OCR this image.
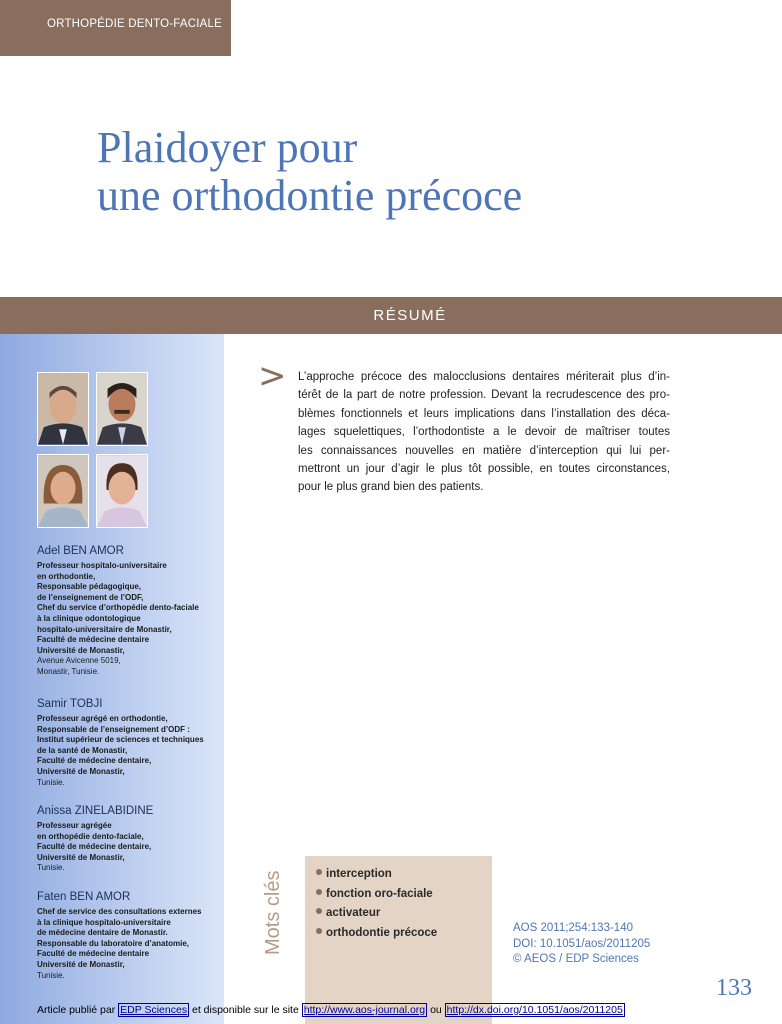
ORTHOPÉDIE DENTO-FACIALE
Plaidoyer pour
une orthodontie précoce
RÉSUMÉ
Adel BEN AMOR
Professeur hospitalo-universitaire
en orthodontie,
Responsable pédagogique,
de l’enseignement de l’ODF,
Chef du service d’orthopédie dento-faciale
à la clinique odontologique
hospitalo-universitaire de Monastir,
Faculté de médecine dentaire
Université de Monastir,
Avenue Avicenne 5019,
Monastir, Tunisie.
Samir TOBJI
Professeur agrégé en orthodontie,
Responsable de l’enseignement d’ODF :
Institut supérieur de sciences et techniques
de la santé de Monastir,
Faculté de médecine dentaire,
Université de Monastir,
Tunisie.
Anissa ZINELABIDINE
Professeur agrégée
en orthopédie dento-faciale,
Faculté de médecine dentaire,
Université de Monastir,
Tunisie.
Faten BEN AMOR
Chef de service des consultations externes
à la clinique hospitalo-universitaire
de médecine dentaire de Monastir.
Responsable du laboratoire d’anatomie,
Faculté de médecine dentaire
Université de Monastir,
Tunisie.
> L’approche précoce des malocclusions dentaires mériterait plus d’in-
térêt de la part de notre profession. Devant la recrudescence des pro-
blèmes fonctionnels et leurs implications dans l’installation des déca-
lages squelettiques, l’orthodontiste a le devoir de maîtriser toutes
les connaissances nouvelles en matière d’interception qui lui per-
mettront un jour d’agir le plus tôt possible, en toutes circonstances,
pour le plus grand bien des patients.
Mots clés	interception
fonction oro-faciale
activateur
orthodontie précoce	AOS 2011;254:133-140
DOI: 10.1051/aos/2011205
© AEOS / EDP Sciences
133
Article publié par EDP Sciences et disponible sur le site http://www.aos-journal.org ou http://dx.doi.org/10.1051/aos/2011205
